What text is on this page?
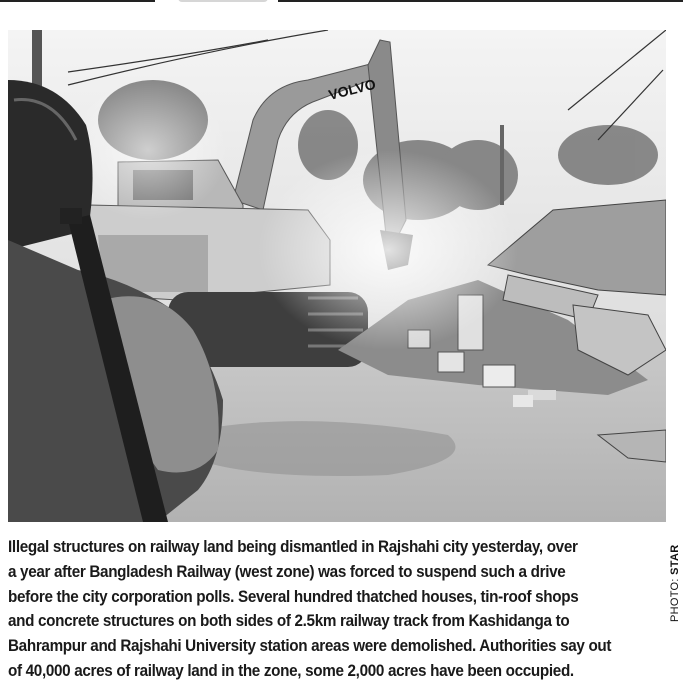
VOLVO
PHOTO: STAR
Illegal structures on railway land being dismantled in Rajshahi city yesterday, over
a year after Bangladesh Railway (west zone) was forced to suspend such a drive
before the city corporation polls. Several hundred thatched houses, tin-roof shops
and concrete structures on both sides of 2.5km railway track from Kashidanga to
Bahrampur and Rajshahi University station areas were demolished. Authorities say out
of 40,000 acres of railway land in the zone, some 2,000 acres have been occupied.
